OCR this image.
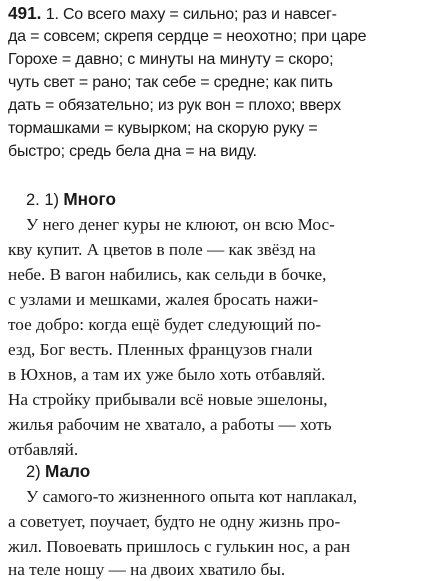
491. 1. Со всего маху = сильно; раз и навсег-
да = совсем; скрепя сердце = неохотно; при царе
Горохе = давно; с минуты на минуту = скоро;
чуть свет = рано; так себе = средне; как пить
дать = обязательно; из рук вон = плохо; вверх
тормашками = кувырком; на скорую руку =
быстро; средь бела дна = на виду.
2. 1) Много
У него денег куры не клюют, он всю Мос-
кву купит. А цветов в поле — как звёзд на
небе. В вагон набились, как сельди в бочке,
с узлами и мешками, жалея бросать нажи-
тое добро: когда ещё будет следующий по-
езд, Бог весть. Пленных французов гнали
в Юхнов, а там их уже было хоть отбавляй.
На стройку прибывали всё новые эшелоны,
жилья рабочим не хватало, а работы — хоть
отбавляй.
2) Мало
У самого-то жизненного опыта кот наплакал,
а советует, поучает, будто не одну жизнь про-
жил. Повоевать пришлось с гулькин нос, а ран
на теле ношу — на двоих хватило бы.
